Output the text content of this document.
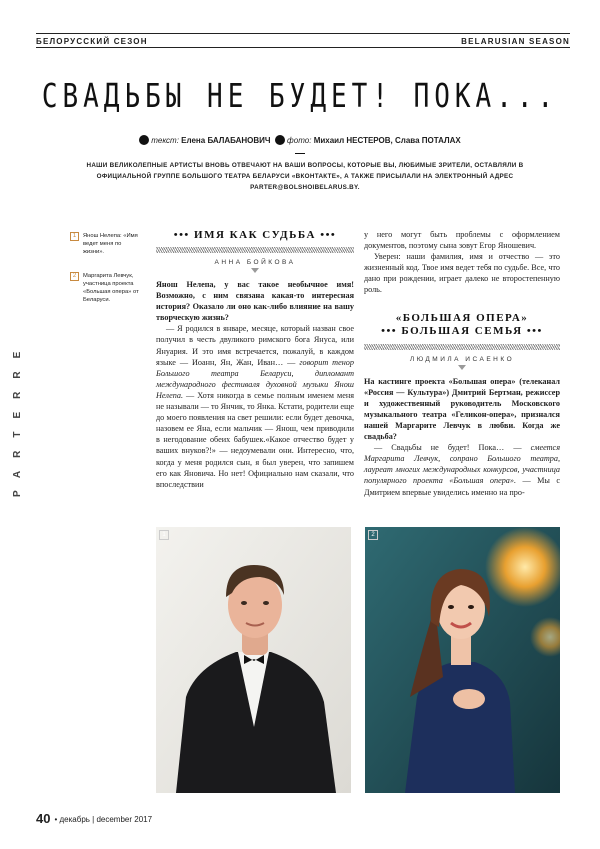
БЕЛОРУССКИЙ СЕЗОН	BELARUSIAN SEASON
СВАДЬБЫ НЕ БУДЕТ! ПОКА...
текст: Елена БАЛАБАНОВИЧ фото: Михаил НЕСТЕРОВ, Слава ПОТАЛАХ
НАШИ ВЕЛИКОЛЕПНЫЕ АРТИСТЫ ВНОВЬ ОТВЕЧАЮТ НА ВАШИ ВОПРОСЫ, КОТОРЫЕ ВЫ, ЛЮБИМЫЕ ЗРИТЕЛИ, ОСТАВЛЯЛИ В ОФИЦИАЛЬНОЙ ГРУППЕ БОЛЬШОГО ТЕАТРА БЕЛАРУСИ «ВКОНТАКТЕ», А ТАКЖЕ ПРИСЫЛАЛИ НА ЭЛЕКТРОННЫЙ АДРЕС PARTER@BOLSHOIBELARUS.BY.
1	Янош Нелепа: «Имя ведет меня по жизни».
2	Маргарита Левчук, участница проекта «Большая опера» от Беларуси.
PARTERRE
••• ИМЯ КАК СУДЬБА •••
АННА БОЙКОВА

Янош Нелепа, у вас такое необычное имя! Возможно, с ним связана какая-то интересная история? Оказало ли оно как-либо влияние на вашу творческую жизнь?

— Я родился в январе, месяце, который назван свое получил в честь двуликого римского бога Януса, или Януария. И это имя встречается, пожалуй, в каждом языке — Иоанн, Ян, Жан, Иван… — говорит тенор Большого театра Беларуси, дипломант международного фестиваля духовной музыки Янош Нелепа. — Хотя никогда в семье полным именем меня не называли — то Янчик, то Янка. Кстати, родители еще до моего появления на свет решили: если будет девочка, назовем ее Яна, если мальчик — Янош, чем приводили в негодование обеих бабушек.«Какое отчество будет у ваших внуков?!» — недоумевали они. Интересно, что, когда у меня родился сын, я был уверен, что запишем его как Яновича. Но нет! Официально нам сказали, что впоследствии

у него могут быть проблемы с оформлением документов, поэтому сына зовут Егор Яношевич.

Уверен: наши фамилия, имя и отчество — это жизненный код. Твое имя ведет тебя по судьбе. Все, что дано при рождении, играет далеко не второстепенную роль.

«БОЛЬШАЯ ОПЕРА»
••• БОЛЬШАЯ СЕМЬЯ •••
ЛЮДМИЛА ИСАЕНКО

На кастинге проекта «Большая опера» (телеканал «Россия — Культура») Дмитрий Бертман, режиссер и художественный руководитель Московского музыкального театра «Геликон-опера», признался нашей Маргарите Левчук в любви. Когда же свадьба?

— Свадьбы не будет! Пока… — смеется Маргарита Левчук, сопрано Большого театра, лауреат многих международных конкурсов, участница популярного проекта «Большая опера». — Мы с Дмитрием впервые увиделись именно на про-

1	2
40 • декабрь | december 2017
